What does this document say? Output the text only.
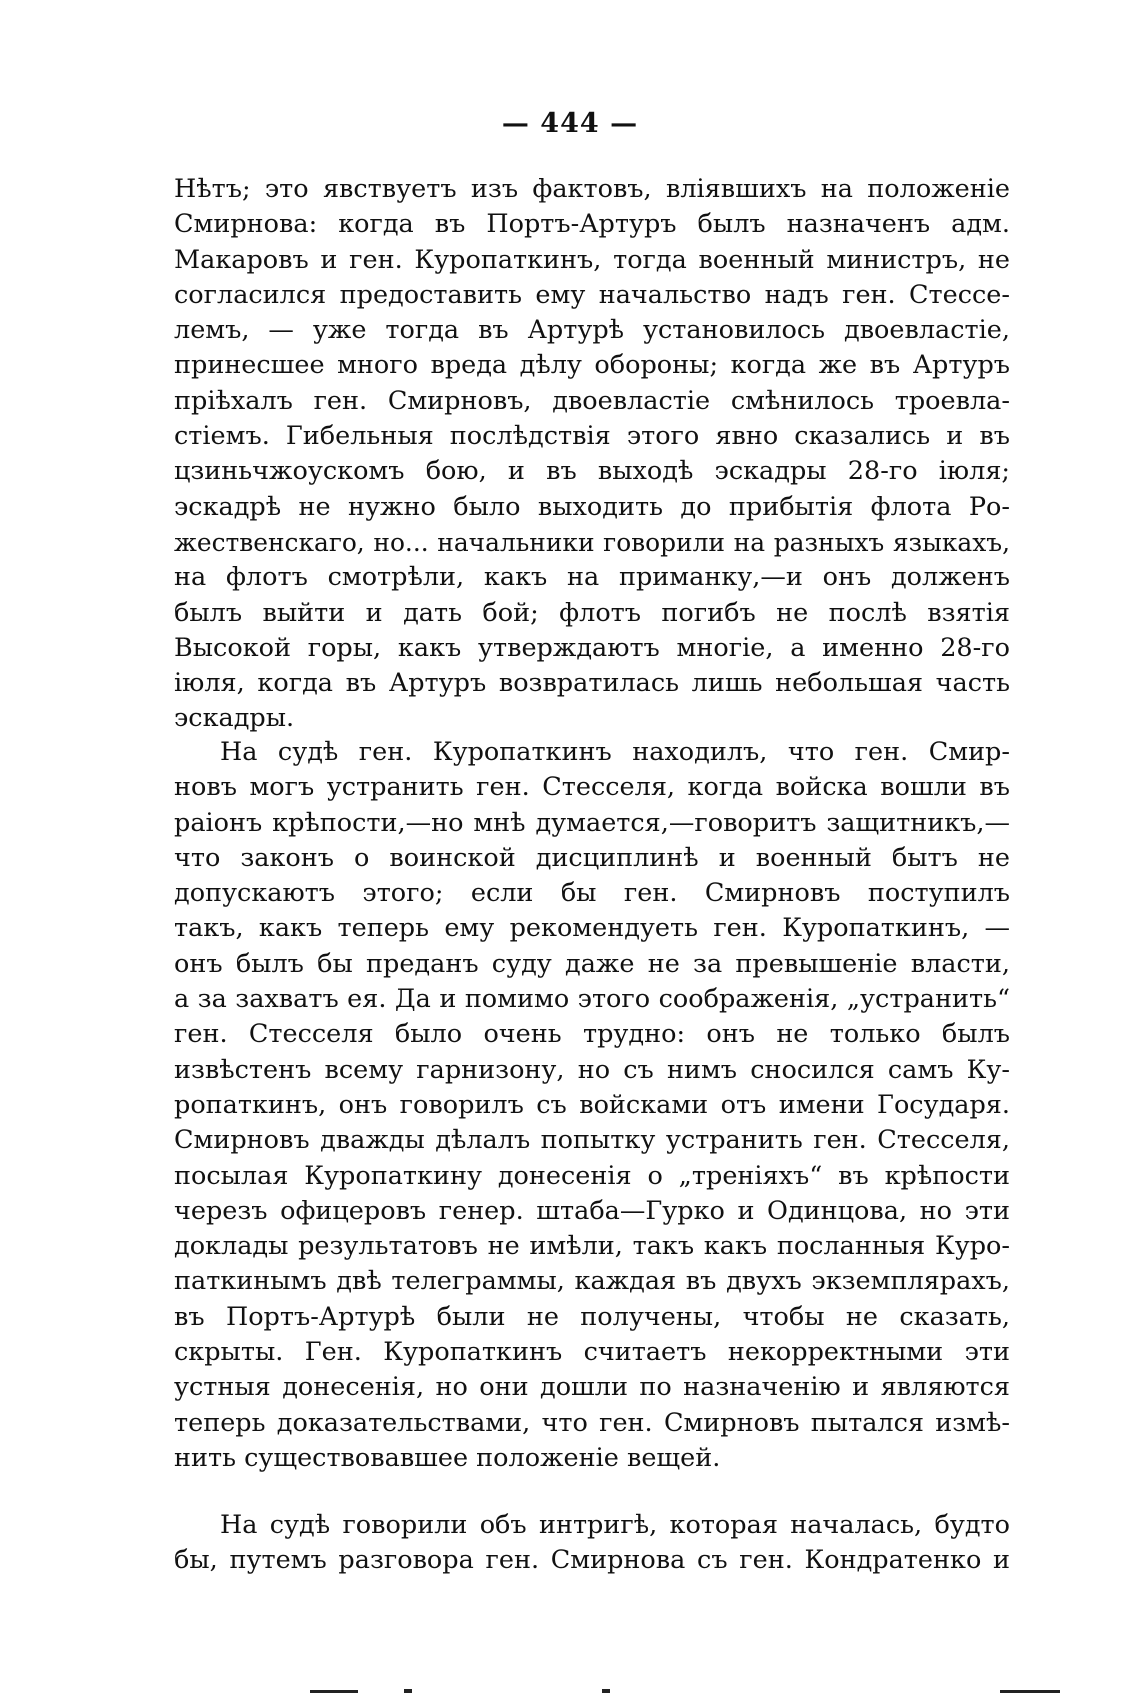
— 444 —
Нѣтъ; это явствуетъ изъ фактовъ, вліявшихъ на положеніе
Смирнова: когда въ Портъ-Артуръ былъ назначенъ адм.
Макаровъ и ген. Куропаткинъ, тогда военный министръ, не
согласился предоставить ему начальство надъ ген. Стессе-
лемъ, — уже тогда въ Артурѣ установилось двоевластіе,
принесшее много вреда дѣлу обороны; когда же въ Артуръ
пріѣхалъ ген. Смирновъ, двоевластіе смѣнилось троевла-
стіемъ. Гибельныя послѣдствія этого явно сказались и въ
цзиньчжоускомъ бою, и въ выходѣ эскадры 28-го іюля;
эскадрѣ не нужно было выходить до прибытія флота Ро-
жественскаго, но... начальники говорили на разныхъ языкахъ,
на флотъ смотрѣли, какъ на приманку,—и онъ долженъ
былъ выйти и дать бой; флотъ погибъ не послѣ взятія
Высокой горы, какъ утверждаютъ многіе, а именно 28-го
іюля, когда въ Артуръ возвратилась лишь небольшая часть
эскадры.
На судѣ ген. Куропаткинъ находилъ, что ген. Смир-
новъ могъ устранить ген. Стесселя, когда войска вошли въ
раіонъ крѣпости,—но мнѣ думается,—говоритъ защитникъ,—
что законъ о воинской дисциплинѣ и военный бытъ не
допускаютъ этого; если бы ген. Смирновъ поступилъ
такъ, какъ теперь ему рекомендуеть ген. Куропаткинъ, —
онъ былъ бы преданъ суду даже не за превышеніе власти,
а за захватъ ея. Да и помимо этого соображенія, „устранить“
ген. Стесселя было очень трудно: онъ не только былъ
извѣстенъ всему гарнизону, но съ нимъ сносился самъ Ку-
ропаткинъ, онъ говорилъ съ войсками отъ имени Государя.
Смирновъ дважды дѣлалъ попытку устранить ген. Стесселя,
посылая Куропаткину донесенія о „треніяхъ“ въ крѣпости
черезъ офицеровъ генер. штаба—Гурко и Одинцова, но эти
доклады результатовъ не имѣли, такъ какъ посланныя Куро-
паткинымъ двѣ телеграммы, каждая въ двухъ экземплярахъ,
въ Портъ-Артурѣ были не получены, чтобы не сказать,
скрыты. Ген. Куропаткинъ считаетъ некорректными эти
устныя донесенія, но они дошли по назначенію и являются
теперь доказательствами, что ген. Смирновъ пытался измѣ-
нить существовавшее положеніе вещей.
На судѣ говорили объ интригѣ, которая началась, будто
бы, путемъ разговора ген. Смирнова съ ген. Кондратенко и
